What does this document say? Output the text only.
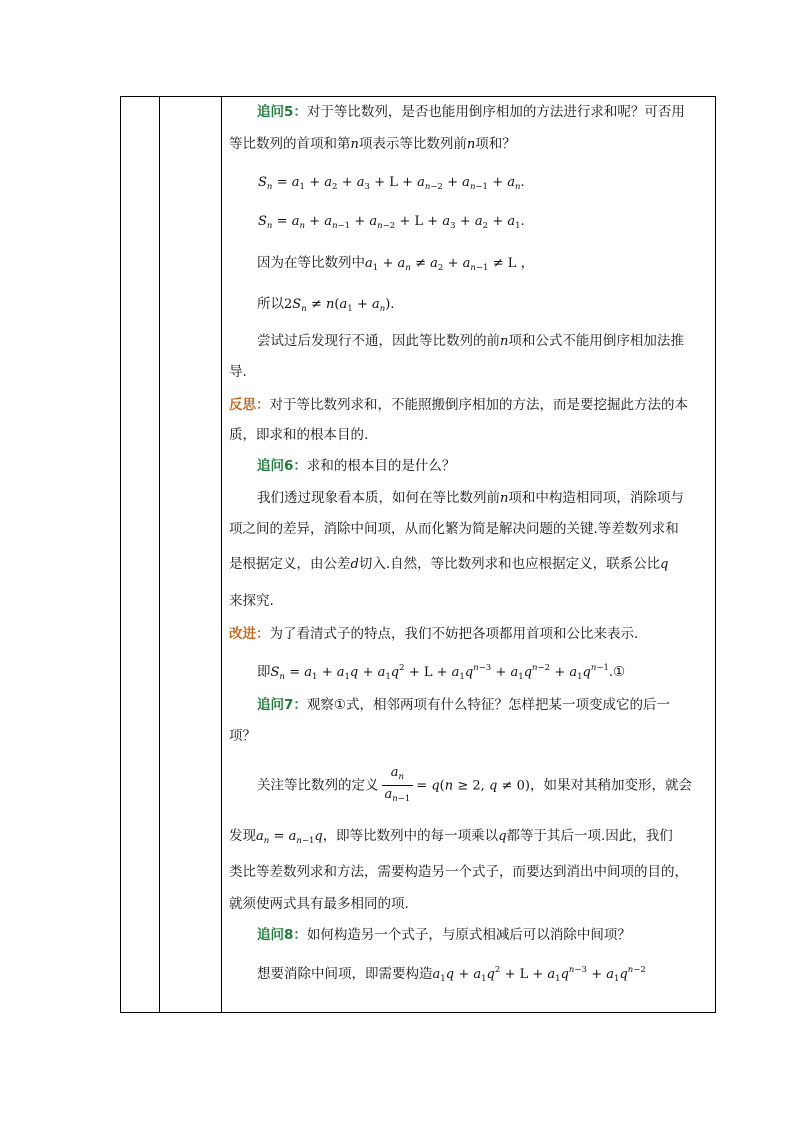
追问5：对于等比数列，是否也能用倒序相加的方法进行求和呢？可否用
等比数列的首项和第n项表示等比数列前n项和？
$S_n = a_1 + a_2 + a_3 + L + a_{n-2} + a_{n-1} + a_n$.
$S_n = a_n + a_{n-1} + a_{n-2} + L + a_3 + a_2 + a_1$.
因为在等比数列中$a_1 + a_n \ne a_2 + a_{n-1} \ne L$ ，
所以$2S_n \ne n(a_1 + a_n)$.
尝试过后发现行不通，因此等比数列的前n项和公式不能用倒序相加法推
导.
反思：对于等比数列求和，不能照搬倒序相加的方法，而是要挖掘此方法的本
质，即求和的根本目的.
追问6：求和的根本目的是什么？
我们透过现象看本质，如何在等比数列前n项和中构造相同项，消除项与
项之间的差异，消除中间项，从而化繁为简是解决问题的关键.等差数列求和
是根据定义，由公差d切入.自然，等比数列求和也应根据定义，联系公比q
来探究.
改进：为了看清式子的特点，我们不妨把各项都用首项和公比来表示.
即$S_n = a_1 + a_1q + a_1q^2 + L + a_1q^{n-3} + a_1q^{n-2}$ + $a_1q^{n-1}.①$
追问7：观察①式，相邻两项有什么特征？怎样把某一项变成它的后一
项？
关注等比数列的定义 $\frac{a_n}{a_{n-1}} = q(n \ge 2$, q ≠ 0)，如果对其稍加变形，就会
发现$a_n = a_{n-1}q$，即等比数列中的每一项乘以q都等于其后一项.因此，我们
类比等差数列求和方法，需要构造另一个式子，而要达到消出中间项的目的，
就须使两式具有最多相同的项.
追问8：如何构造另一个式子，与原式相减后可以消除中间项？
想要消除中间项，即需要构造$a_1q + a_1q^2 + L + a_1q^{n-3} + a_1q^{n-2}$
